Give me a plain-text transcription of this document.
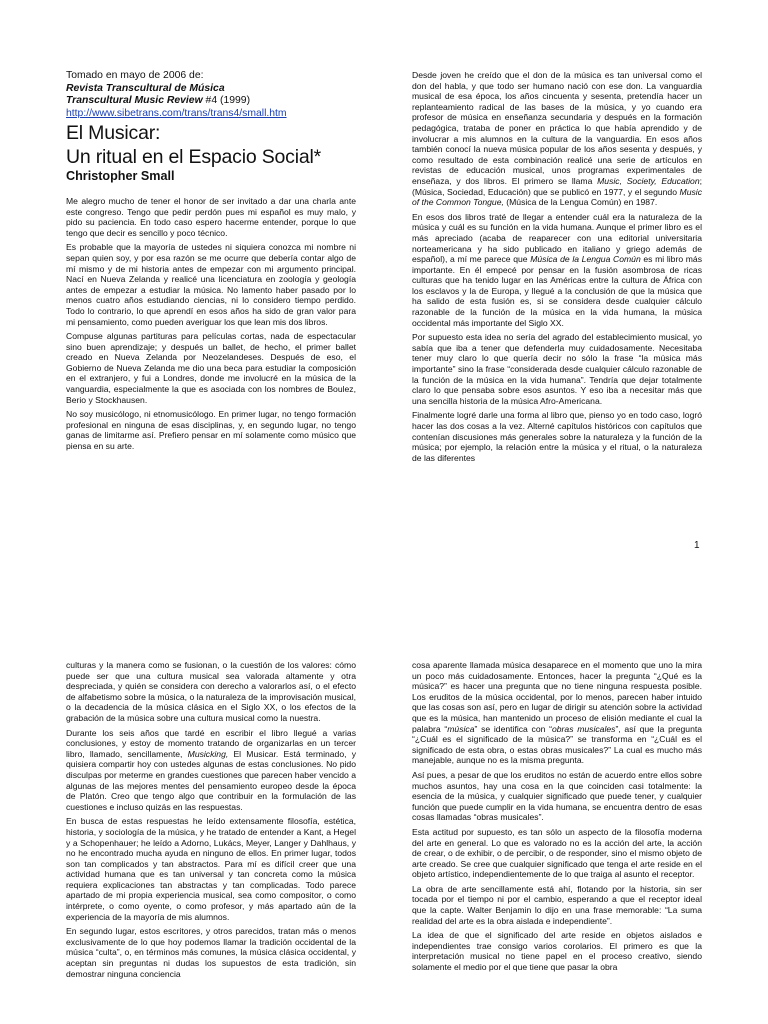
Tomado en mayo de 2006 de:
Revista Transcultural de Música
Transcultural Music Review #4 (1999)
http://www.sibetrans.com/trans/trans4/small.htm
El Musicar:
Un ritual en el Espacio Social*
Christopher Small

Me alegro mucho de tener el honor de ser invitado a dar una charla ante este congreso. Tengo que pedir perdón pues mi español es muy malo, y pido su paciencia. En todo caso espero hacerme entender, porque lo que tengo que decir es sencillo y poco técnico.

Es probable que la mayoría de ustedes ni siquiera conozca mi nombre ni sepan quien soy, y por esa razón se me ocurre que debería contar algo de mí mismo y de mi historia antes de empezar con mi argumento principal. Nací en Nueva Zelanda y realicé una licenciatura en zoología y geología antes de empezar a estudiar la música. No lamento haber pasado por lo menos cuatro años estudiando ciencias, ni lo considero tiempo perdido. Todo lo contrario, lo que aprendí en esos años ha sido de gran valor para mi pensamiento, como pueden averiguar los que lean mis dos libros.

Compuse algunas partituras para películas cortas, nada de espectacular sino buen aprendizaje; y después un ballet, de hecho, el primer ballet creado en Nueva Zelanda por Neozelandeses. Después de eso, el Gobierno de Nueva Zelanda me dio una beca para estudiar la composición en el extranjero, y fui a Londres, donde me involucré en la música de la vanguardia, especialmente la que es asociada con los nombres de Boulez, Berio y Stockhausen.

No soy musicólogo, ni etnomusicólogo. En primer lugar, no tengo formación profesional en ninguna de esas disciplinas, y, en segundo lugar, no tengo ganas de limitarme así. Prefiero pensar en mí solamente como músico que piensa en su arte.

Desde joven he creído que el don de la música es tan universal como el don del habla, y que todo ser humano nació con ese don. La vanguardia musical de esa época, los años cincuenta y sesenta, pretendía hacer un replanteamiento radical de las bases de la música, y yo cuando era profesor de música en enseñanza secundaria y después en la formación pedagógica, trataba de poner en práctica lo que había aprendido y de involucrar a mis alumnos en la cultura de la vanguardia. En esos años también conocí la nueva música popular de los años sesenta y después, y como resultado de esta combinación realicé una serie de artículos en revistas de educación musical, unos programas experimentales de enseñaza, y dos libros. El primero se llama Music, Society, Education; (Música, Sociedad, Educación) que se publicó en 1977, y el segundo Music of the Common Tongue, (Música de la Lengua Común) en 1987.

En esos dos libros traté de llegar a entender cuál era la naturaleza de la música y cuál es su función en la vida humana. Aunque el primer libro es el más apreciado (acaba de reaparecer con una editorial universitaria norteamericana y ha sido publicado en italiano y griego además de español), a mí me parece que Música de la Lengua Común es mi libro más importante. En él empecé por pensar en la fusión asombrosa de ricas culturas que ha tenido lugar en las Américas entre la cultura de África con los esclavos y la de Europa, y llegué a la conclusión de que la música que ha salido de esta fusión es, si se considera desde cualquier cálculo razonable de la función de la música en la vida humana, la música occidental más importante del Siglo XX.

Por supuesto esta idea no sería del agrado del establecimiento musical, yo sabía que iba a tener que defenderla muy cuidadosamente. Necesitaba tener muy claro lo que quería decir no sólo la frase “la música más importante” sino la frase “considerada desde cualquier cálculo razonable de la función de la música en la vida humana”. Tendría que dejar totalmente claro lo que pensaba sobre esos asuntos. Y eso iba a necesitar más que una sencilla historia de la música Afro-Americana.

Finalmente logré darle una forma al libro que, pienso yo en todo caso, logró hacer las dos cosas a la vez. Alterné capítulos históricos con capítulos que contenían discusiones más generales sobre la naturaleza y la función de la música; por ejemplo, la relación entre la música y el ritual, o la naturaleza de las diferentes

1

culturas y la manera como se fusionan, o la cuestión de los valores: cómo puede ser que una cultura musical sea valorada altamente y otra despreciada, y quién se considera con derecho a valorarlos así, o el efecto de alfabetismo sobre la música, o la naturaleza de la improvisación musical, o la decadencia de la música clásica en el Siglo XX, o los efectos de la grabación de la música sobre una cultura musical como la nuestra.

Durante los seis años que tardé en escribir el libro llegué a varias conclusiones, y estoy de momento tratando de organizarlas en un tercer libro, llamado, sencillamente, Musicking, El Musicar. Está terminado, y quisiera compartir hoy con ustedes algunas de estas conclusiones. No pido disculpas por meterme en grandes cuestiones que parecen haber vencido a algunas de las mejores mentes del pensamiento europeo desde la época de Platón. Creo que tengo algo que contribuir en la formulación de las cuestiones e incluso quizás en las respuestas.

En busca de estas respuestas he leído extensamente filosofía, estética, historia, y sociología de la música, y he tratado de entender a Kant, a Hegel y a Schopenhauer; he leído a Adorno, Lukács, Meyer, Langer y Dahlhaus, y no he encontrado mucha ayuda en ninguno de ellos. En primer lugar, todos son tan complicados y tan abstractos. Para mí es difícil creer que una actividad humana que es tan universal y tan concreta como la música requiera explicaciones tan abstractas y tan complicadas. Todo parece apartado de mi propia experiencia musical, sea como compositor, o como intérprete, o como oyente, o como profesor, y más apartado aún de la experiencia de la mayoría de mis alumnos.

En segundo lugar, estos escritores, y otros parecidos, tratan más o menos exclusivamente de lo que hoy podemos llamar la tradición occidental de la música “culta”, o, en términos más comunes, la música clásica occidental, y aceptan sin preguntas ni dudas los supuestos de esta tradición, sin demostrar ninguna conciencia

cosa aparente llamada música desaparece en el momento que uno la mira un poco más cuidadosamente. Entonces, hacer la pregunta “¿Qué es la música?” es hacer una pregunta que no tiene ninguna respuesta posible. Los eruditos de la música occidental, por lo menos, parecen haber intuido que las cosas son así, pero en lugar de dirigir su atención sobre la actividad que es la música, han mantenido un proceso de elisión mediante el cual la palabra “música” se identifica con “obras musicales”, así que la pregunta “¿Cuál es el significado de la música?” se transforma en “¿Cuál es el significado de esta obra, o estas obras musicales?” La cual es mucho más manejable, aunque no es la misma pregunta.

Así pues, a pesar de que los eruditos no están de acuerdo entre ellos sobre muchos asuntos, hay una cosa en la que coinciden casi totalmente: la esencia de la música, y cualquier significado que puede tener, y cualquier función que puede cumplir en la vida humana, se encuentra dentro de esas cosas llamadas “obras musicales”.

Esta actitud por supuesto, es tan sólo un aspecto de la filosofía moderna del arte en general. Lo que es valorado no es la acción del arte, la acción de crear, o de exhibir, o de percibir, o de responder, sino el mismo objeto de arte creado. Se cree que cualquier significado que tenga el arte reside en el objeto artístico, independientemente de lo que traiga al asunto el receptor.

La obra de arte sencillamente está ahí, flotando por la historia, sin ser tocada por el tiempo ni por el cambio, esperando a que el receptor ideal que la capte. Walter Benjamin lo dijo en una frase memorable: “La suma realidad del arte es la obra aislada e independiente”.

La idea de que el significado del arte reside en objetos aislados e independientes trae consigo varios corolarios. El primero es que la interpretación musical no tiene papel en el proceso creativo, siendo solamente el medio por el que tiene que pasar la obra
